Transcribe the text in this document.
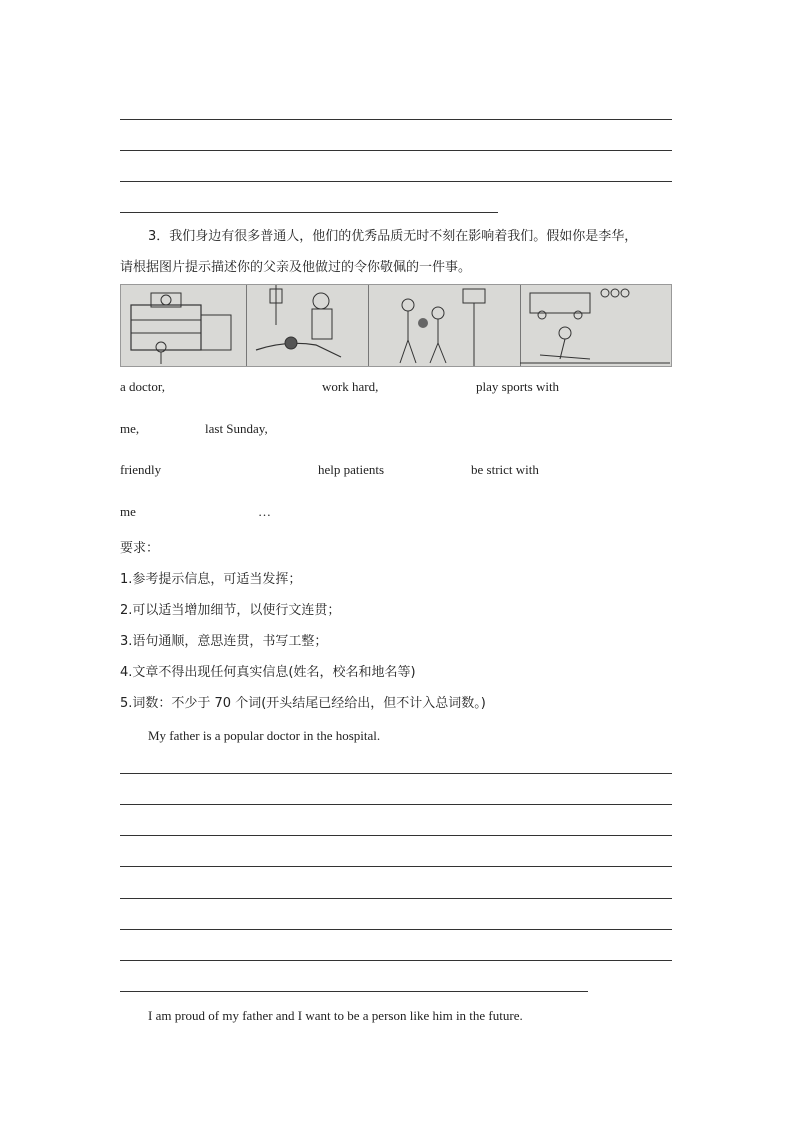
3．我们身边有很多普通人，他们的优秀品质无时不刻在影响着我们。假如你是李华，
请根据图片提示描述你的父亲及他做过的令你敬佩的一件事。
a doctor,	work hard,	play sports with
me,	last Sunday,
friendly	help patients	be strict with
me	…
要求：
1.参考提示信息，可适当发挥；
2.可以适当增加细节，以使行文连贯；
3.语句通顺，意思连贯，书写工整；
4.文章不得出现任何真实信息(姓名，校名和地名等)
5.词数：不少于 70 个词(开头结尾已经给出，但不计入总词数。)
My father is a popular doctor in the hospital.
I am proud of my father and I want to be a person like him in the future.
